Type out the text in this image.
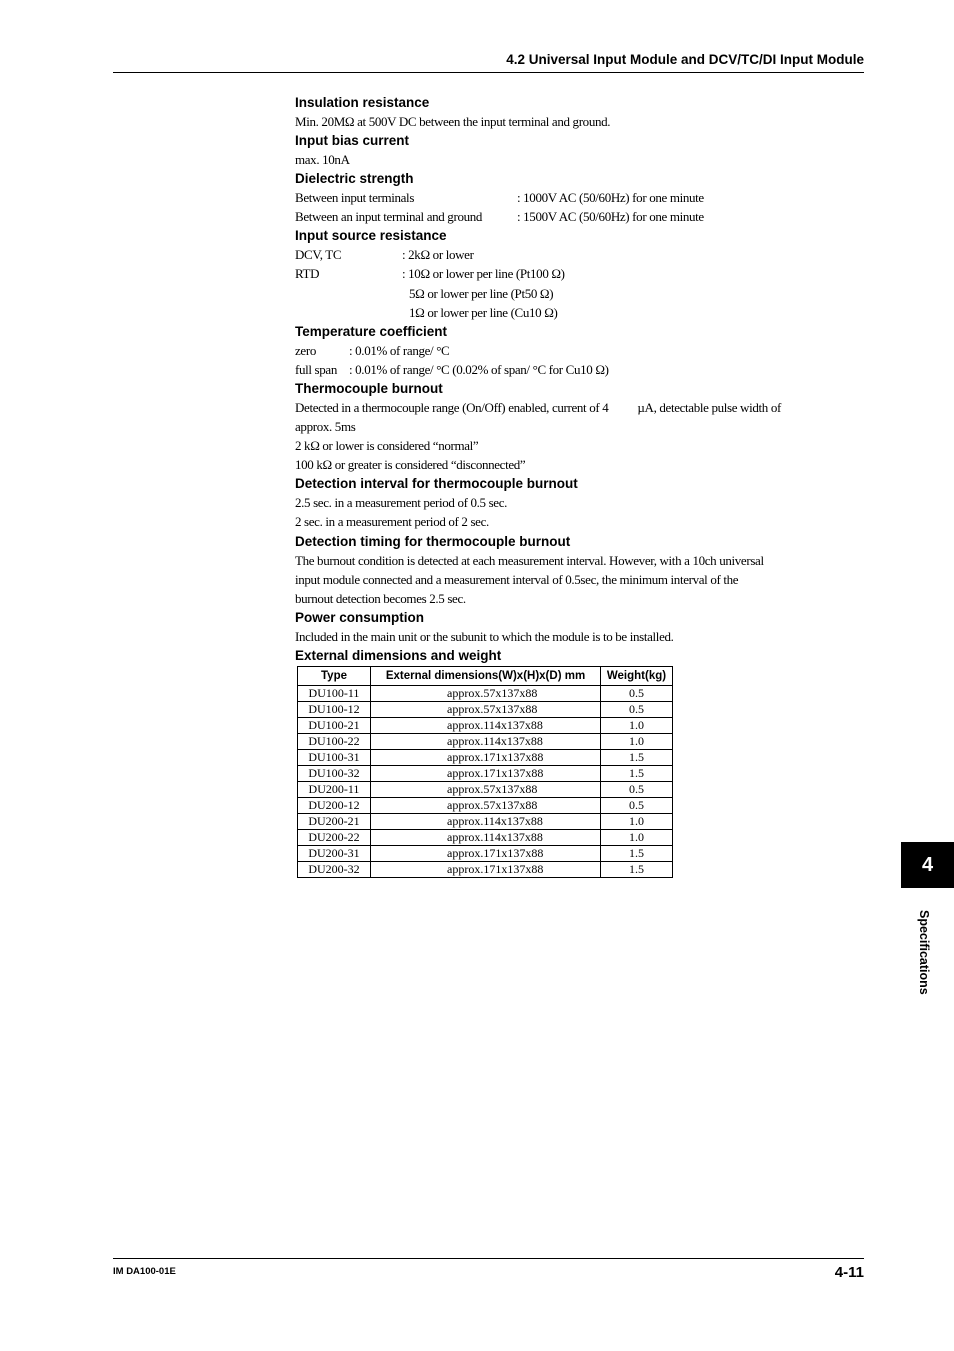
4.2 Universal Input Module and DCV/TC/DI Input Module
Insulation resistance
Min. 20MΩ at 500V DC between the input terminal and ground.
Input bias current
max. 10nA
Dielectric strength
Between input terminals	: 1000V AC (50/60Hz) for one minute
Between an input terminal and ground	: 1500V AC (50/60Hz) for one minute
Input source resistance
DCV, TC	: 2kΩ or lower
RTD	: 10Ω or lower per line (Pt100 Ω)
5Ω or lower per line (Pt50 Ω)
1Ω or lower per line (Cu10 Ω)
Temperature coefficient
zero	: 0.01% of range/ °C
full span : 0.01% of range/ °C (0.02% of span/ °C for Cu10 Ω)
Thermocouple burnout
Detected in a thermocouple range (On/Off) enabled, current of 4          µA, detectable pulse width of
approx. 5ms
2 kΩ or lower is considered “normal”
100 kΩ or greater is considered “disconnected”
Detection interval for thermocouple burnout
2.5 sec. in a measurement period of 0.5 sec.
2 sec. in a measurement period of 2 sec.
Detection timing for thermocouple burnout
The burnout condition is detected at each measurement interval. However, with a 10ch universal
input module connected and a measurement interval of 0.5sec, the minimum interval of the
burnout detection becomes 2.5 sec.
Power consumption
Included in the main unit or the subunit to which the module is to be installed.
External dimensions and weight
Type	External dimensions(W)x(H)x(D) mm	Weight(kg)
DU100-11	approx.57x137x88	0.5
DU100-12	approx.57x137x88	0.5
DU100-21	approx.114x137x88	1.0
DU100-22	approx.114x137x88	1.0
DU100-31	approx.171x137x88	1.5
DU100-32	approx.171x137x88	1.5
DU200-11	approx.57x137x88	0.5
DU200-12	approx.57x137x88	0.5
DU200-21	approx.114x137x88	1.0
DU200-22	approx.114x137x88	1.0
DU200-31	approx.171x137x88	1.5
DU200-32	approx.171x137x88	1.5	4
Specifications
IM DA100-01E	4-11
